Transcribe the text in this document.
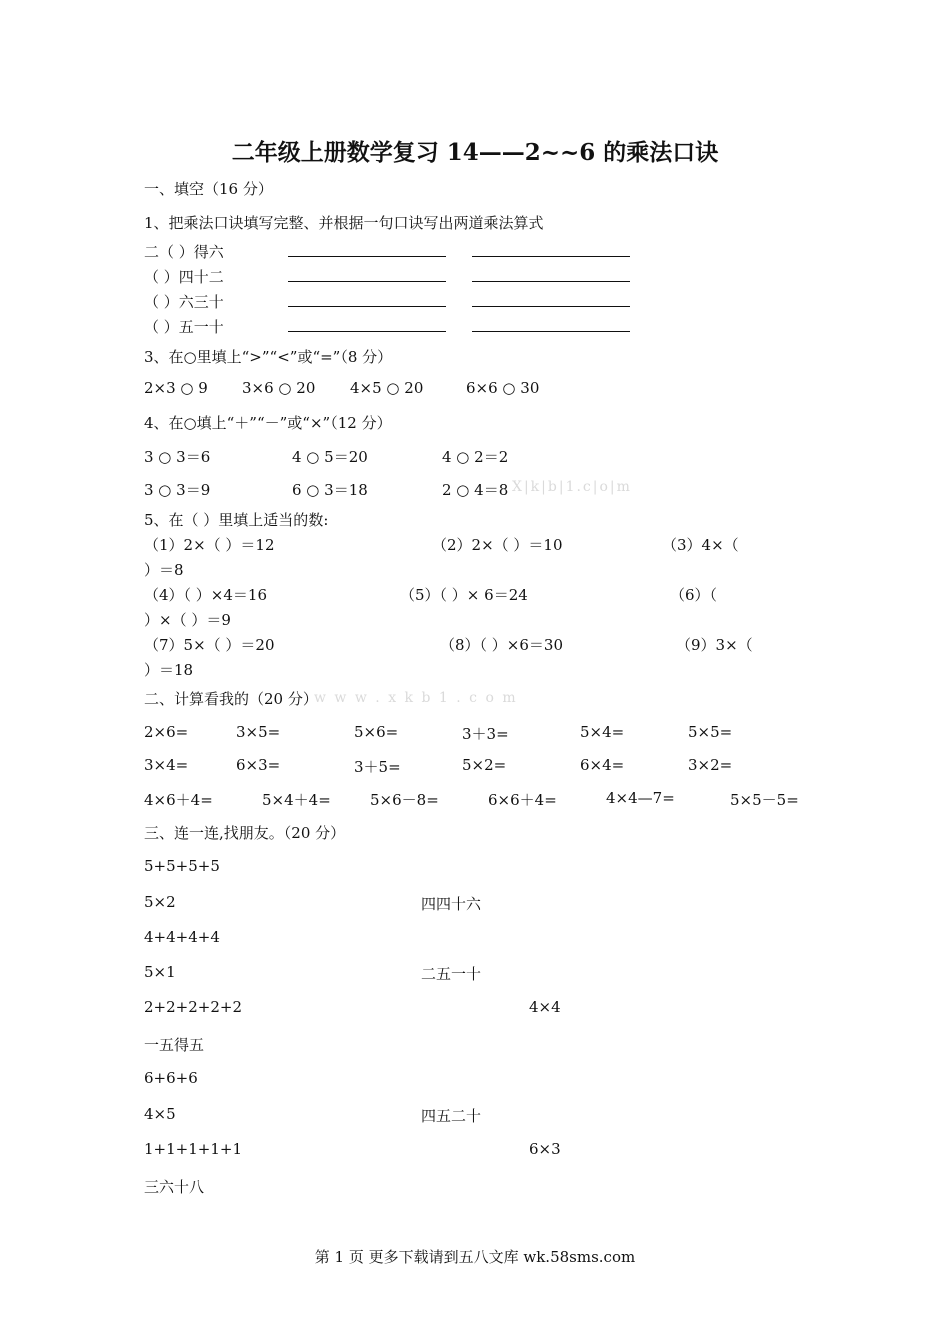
二年级上册数学复习 14——2~~6 的乘法口诀
一、填空（16 分）
1、把乘法口诀填写完整、并根据一句口诀写出两道乘法算式
二（ ）得六
（ ）四十二
（ ）六三十
（ ）五一十
3、在○里填上“>”“<”或“=”（8 分）
2×3 ○ 9 3×6 ○ 20 4×5 ○ 20	6×6 ○ 30
4、在○填上“＋”“－”或“×”（12 分）
3 ○ 3＝6	4 ○ 5＝20	4 ○ 2＝2
3 ○ 3＝9	6 ○ 3＝18	2 ○ 4＝8 X|k|b|1.c|o|m
5、在（ ）里填上适当的数:
（1）2×（ ）＝12	（2）2×（ ）＝10	（3）4×（
）＝8
（4）（ ）×4＝16	（5）（ ）× 6＝24	（6）（
）×（ ）＝9
（7）5×（ ）＝20	（8）（ ）×6＝30	（9）3×（
）＝18
二、计算看我的（20 分）
w w w . x k b 1 . c o m
2×6=	3×5=	5×6=	3＋3=	5×4=	5×5=
3×4=	6×3=	3＋5=	5×2=	6×4=	3×2=
4×6＋4=	5×4＋4=	5×6－8=	6×6＋4=	4×4—7=	5×5－5=
三、连一连,找朋友。（20 分）
5+5+5+5
5×2
4+4+4+4
5×1
2+2+2+2+2
一五得五
6+6+6
4×5
1+1+1+1+1
三六十八
四四十六
二五一十
四五二十
4×4
6×3
第 1 页 更多下载请到五八文库 wk.58sms.com
